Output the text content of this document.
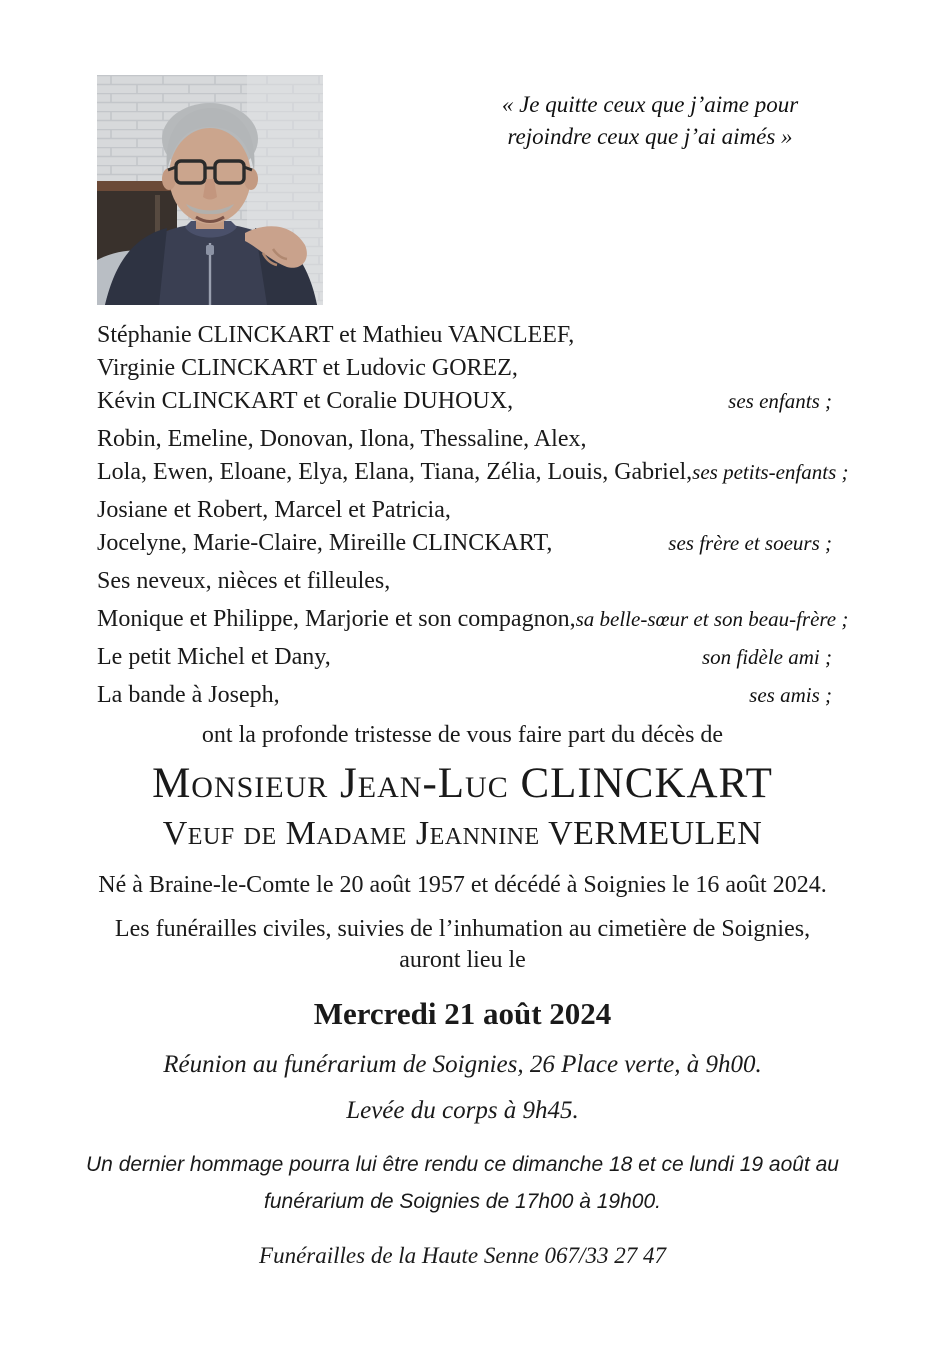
« Je quitte ceux que j’aime pour
rejoindre ceux que j’ai aimés »
Stéphanie CLINCKART et Mathieu VANCLEEF,
Virginie CLINCKART et Ludovic GOREZ,
Kévin CLINCKART et Coralie DUHOUX,	ses enfants ;
Robin, Emeline, Donovan, Ilona, Thessaline, Alex,
Lola, Ewen, Eloane, Elya, Elana, Tiana, Zélia, Louis, Gabriel, ses petits-enfants ;
Josiane et Robert, Marcel et Patricia,
Jocelyne, Marie-Claire, Mireille CLINCKART,	ses frère et soeurs ;
Ses neveux, nièces et filleules,
Monique et Philippe, Marjorie et son compagnon, sa belle-sœur et son beau-frère ;
Le petit Michel et Dany,	son fidèle ami ;
La bande à Joseph,	ses amis ;
ont la profonde tristesse de vous faire part du décès de
Monsieur Jean-Luc CLINCKART
Veuf de Madame Jeannine VERMEULEN
Né à Braine-le-Comte le 20 août 1957 et décédé à Soignies le 16 août 2024.
Les funérailles civiles, suivies de l’inhumation au cimetière de Soignies,
auront lieu le
Mercredi 21 août 2024
Réunion au funérarium de Soignies, 26 Place verte, à 9h00.
Levée du corps à 9h45.
Un dernier hommage pourra lui être rendu ce dimanche 18 et ce lundi 19 août au
funérarium de Soignies de 17h00 à 19h00.
Funérailles de la Haute Senne 067/33 27 47
